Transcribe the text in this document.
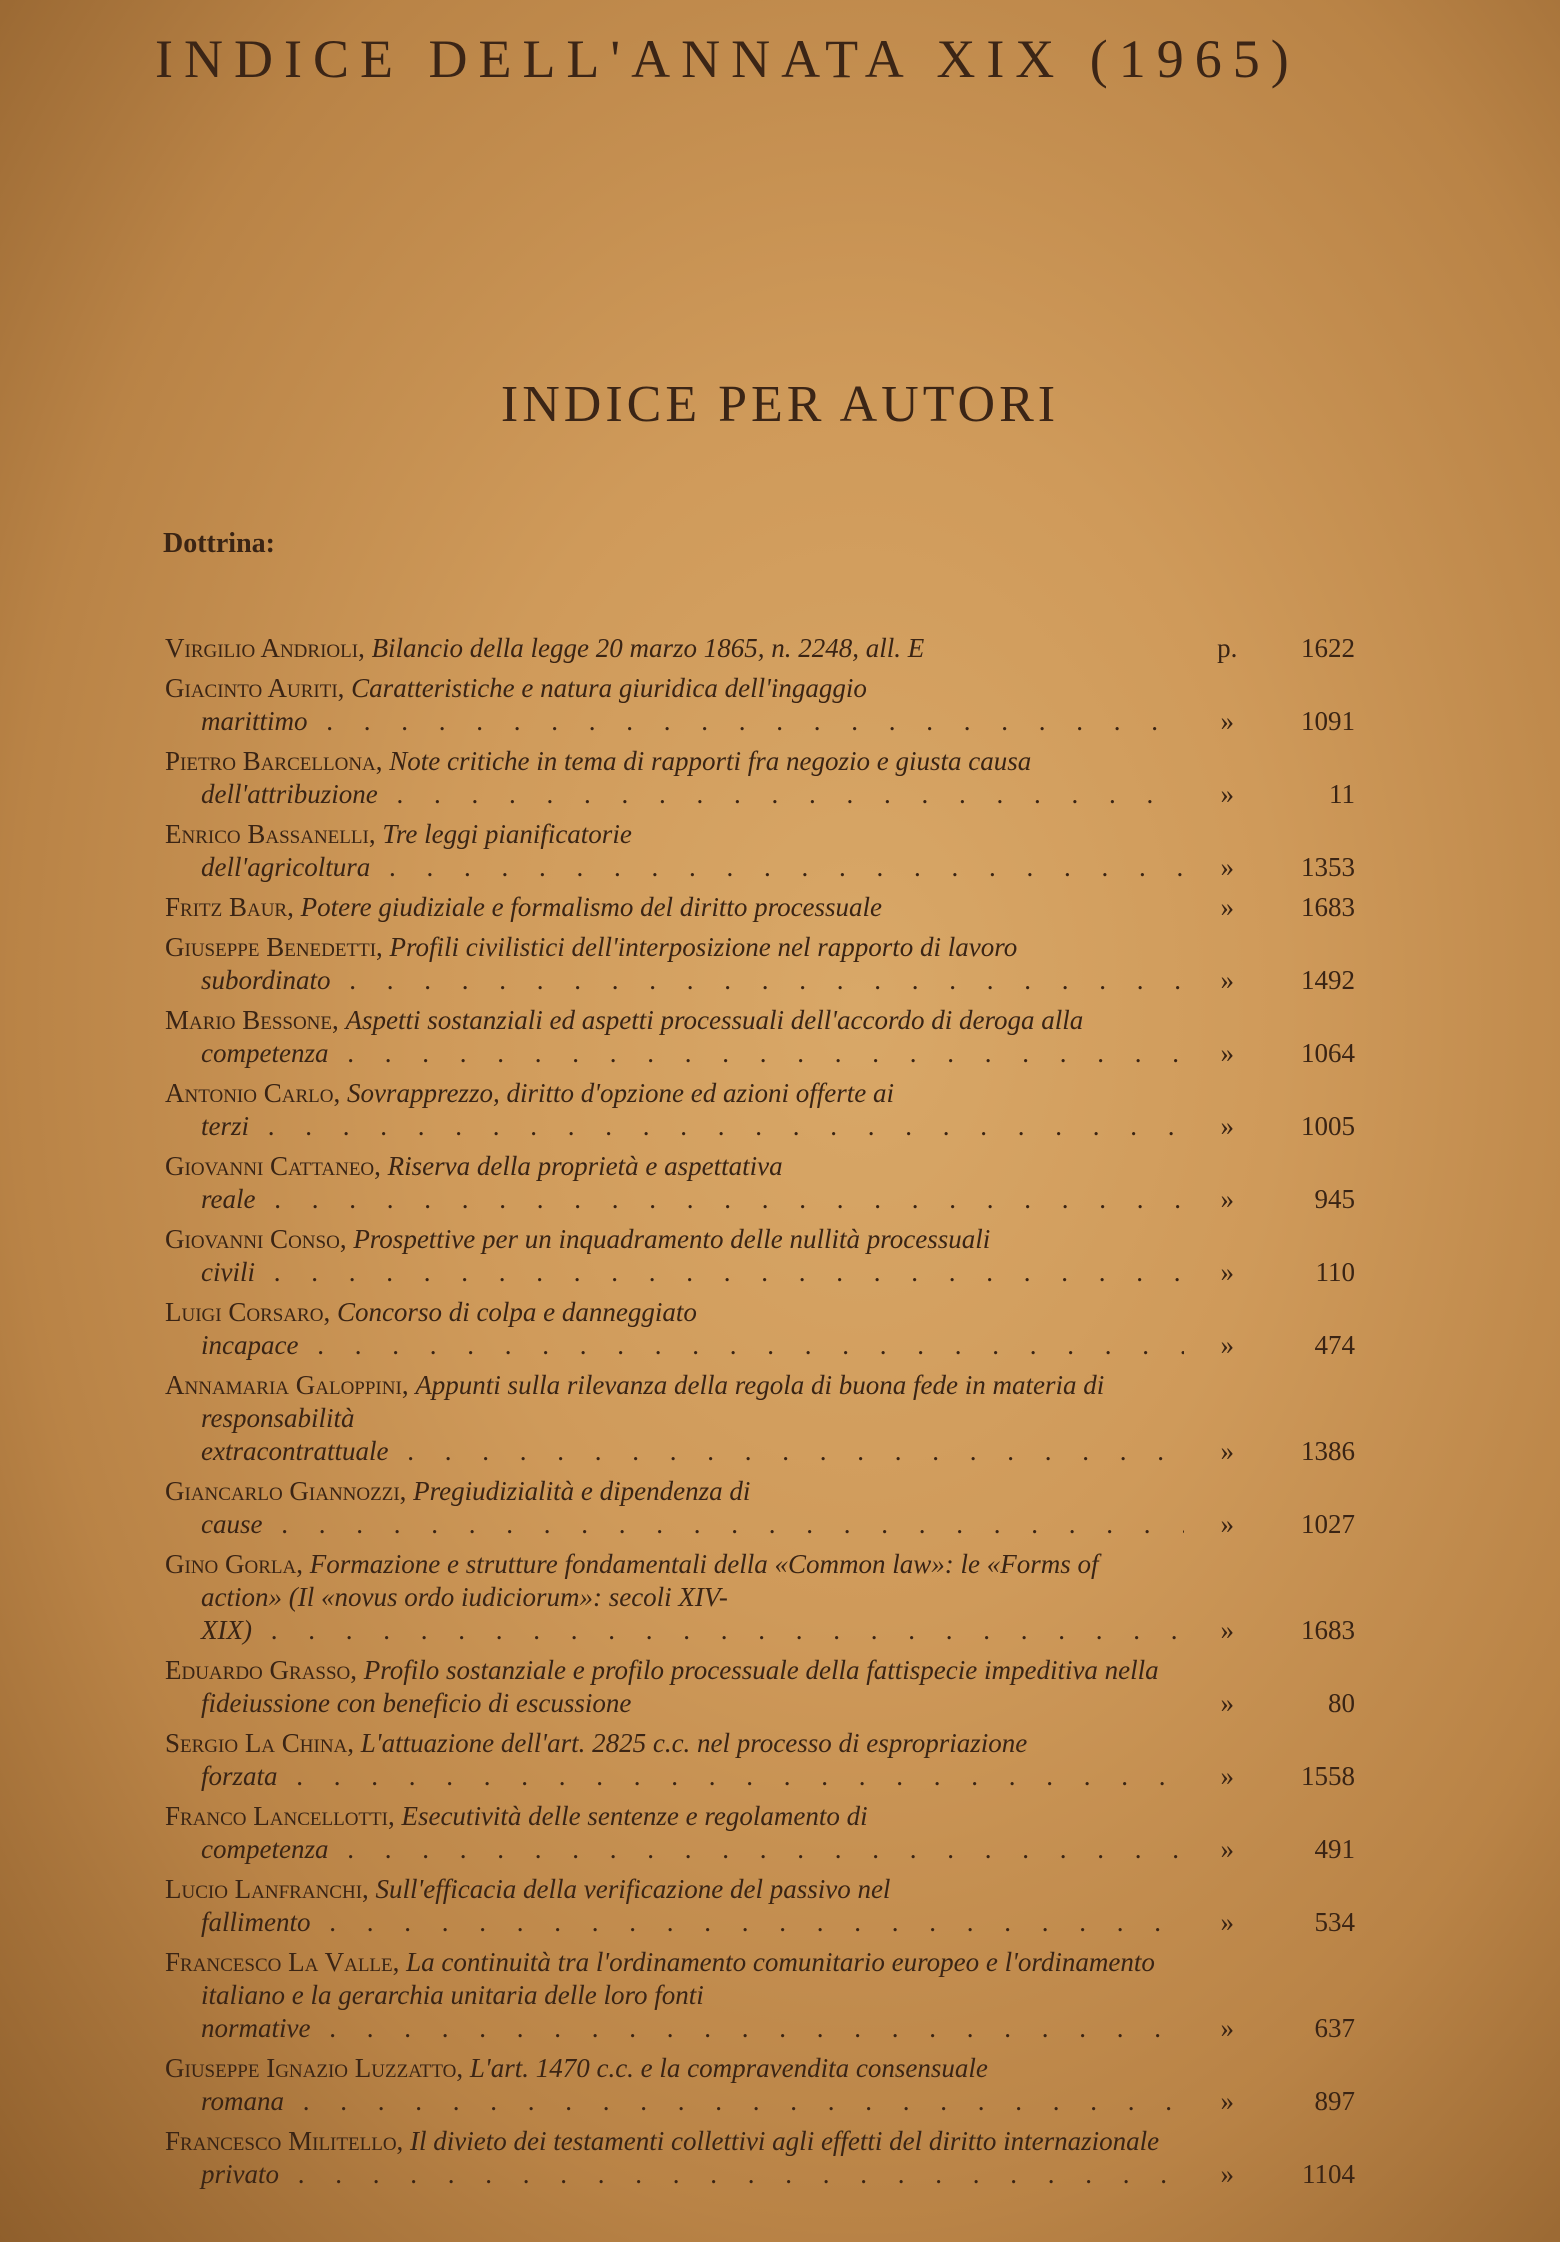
INDICE DELL'ANNATA XIX (1965)
INDICE PER AUTORI
Dottrina:
Virgilio Andrioli, Bilancio della legge 20 marzo 1865, n. 2248, all. E	p.	1622
Giacinto Auriti, Caratteristiche e natura giuridica dell'ingaggio marittimo . . .	»	1091
Pietro Barcellona, Note critiche in tema di rapporti fra negozio e giusta causa dell'attribuzione . . .	»	11
Enrico Bassanelli, Tre leggi pianificatorie dell'agricoltura . . .	»	1353
Fritz Baur, Potere giudiziale e formalismo del diritto processuale	»	1683
Giuseppe Benedetti, Profili civilistici dell'interposizione nel rapporto di lavoro subordinato . . .	»	1492
Mario Bessone, Aspetti sostanziali ed aspetti processuali dell'accordo di deroga alla competenza . . .	»	1064
Antonio Carlo, Sovrapprezzo, diritto d'opzione ed azioni offerte ai terzi . . .	»	1005
Giovanni Cattaneo, Riserva della proprietà e aspettativa reale . . .	»	945
Giovanni Conso, Prospettive per un inquadramento delle nullità processuali civili . . .	»	110
Luigi Corsaro, Concorso di colpa e danneggiato incapace . . .	»	474
Annamaria Galoppini, Appunti sulla rilevanza della regola di buona fede in materia di responsabilità extracontrattuale . . .	»	1386
Giancarlo Giannozzi, Pregiudizialità e dipendenza di cause . . .	»	1027
Gino Gorla, Formazione e strutture fondamentali della «Common law»: le «Forms of action» (Il «novus ordo iudiciorum»: secoli XIV-XIX) . . .	»	1683
Eduardo Grasso, Profilo sostanziale e profilo processuale della fattispecie impeditiva nella fideiussione con beneficio di escussione	»	80
Sergio La China, L'attuazione dell'art. 2825 c.c. nel processo di espropriazione forzata . . .	»	1558
Franco Lancellotti, Esecutività delle sentenze e regolamento di competenza . . .	»	491
Lucio Lanfranchi, Sull'efficacia della verificazione del passivo nel fallimento . . .	»	534
Francesco La Valle, La continuità tra l'ordinamento comunitario europeo e l'ordinamento italiano e la gerarchia unitaria delle loro fonti normative . . .	»	637
Giuseppe Ignazio Luzzatto, L'art. 1470 c.c. e la compravendita consensuale romana . . .	»	897
Francesco Militello, Il divieto dei testamenti collettivi agli effetti del diritto internazionale privato . . .	»	1104
